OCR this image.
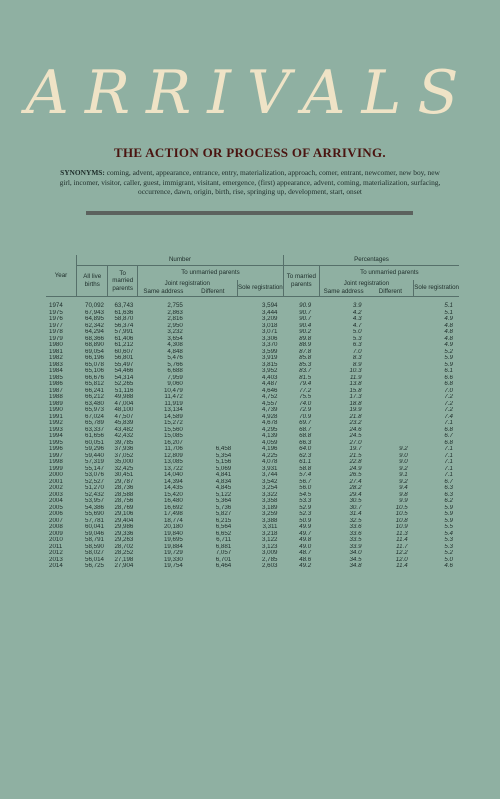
ARRIVALS
THE ACTION OR PROCESS OF ARRIVING.
SYNONYMS: coming, advent, appearance, entrance, entry, materialization, approach, comer, entrant, newcomer, new boy, new girl, incomer, visitor, caller, guest, immigrant, visitant, emergence, (first) appearance, advent, coming, materialization, surfacing, occurrence, dawn, origin, birth, rise, springing up, development, start, onset
Year	Number					Percentages			
	All live births	To married parents	To unmarried parents			To married parents	To unmarried parents		
			Joint registration		Sole registration		Joint registration		Sole registration
			Same address	Different			Same address	Different	
1974	70,092	63,743	2,755		3,594	90.9	3.9		5.1
1975	67,943	61,636	2,863		3,444	90.7	4.2		5.1
1976	64,895	58,870	2,816		3,209	90.7	4.3		4.9
1977	62,342	56,374	2,950		3,018	90.4	4.7		4.8
1978	64,294	57,991	3,232		3,071	90.2	5.0		4.8
1979	68,366	61,406	3,654		3,306	89.8	5.3		4.8
1980	68,890	61,212	4,308		3,370	88.9	6.3		4.9
1981	69,054	60,607	4,848		3,599	87.8	7.0		5.2
1982	66,196	56,801	5,476		3,919	85.8	8.3		5.9
1983	65,078	55,497	5,766		3,815	85.3	8.9		5.9
1984	65,106	54,466	6,688		3,952	83.7	10.3		6.1
1985	66,676	54,314	7,959		4,403	81.5	11.9		6.6
1986	65,812	52,265	9,060		4,487	79.4	13.8		6.8
1987	66,241	51,116	10,479		4,646	77.2	15.8		7.0
1988	66,212	49,988	11,472		4,752	75.5	17.3		7.2
1989	63,480	47,004	11,919		4,557	74.0	18.8		7.2
1990	65,973	48,100	13,134		4,739	72.9	19.9		7.2
1991	67,024	47,507	14,589		4,928	70.9	21.8		7.4
1992	65,789	45,839	15,272		4,678	69.7	23.2		7.1
1993	63,337	43,482	15,560		4,295	68.7	24.6		6.8
1994	61,656	42,432	15,085		4,139	68.8	24.5		6.7
1995	60,051	39,785	16,207		4,059	66.3	27.0		6.8
1996	59,296	37,936	11,706	6,458	4,196	64.0	19.7	9.2	7.1
1997	59,440	37,052	12,809	5,354	4,225	62.3	21.5	9.0	7.1
1998	57,319	35,000	13,085	5,156	4,078	61.1	22.8	9.0	7.1
1999	55,147	32,425	13,722	5,069	3,931	58.8	24.9	9.2	7.1
2000	53,076	30,451	14,040	4,841	3,744	57.4	26.5	9.1	7.1
2001	52,527	29,787	14,394	4,834	3,542	56.7	27.4	9.2	6.7
2002	51,270	28,736	14,435	4,845	3,254	56.0	28.2	9.4	6.3
2003	52,432	28,588	15,420	5,122	3,322	54.5	29.4	9.8	6.3
2004	53,957	28,756	16,480	5,364	3,358	53.3	30.5	9.9	6.2
2005	54,386	28,769	16,692	5,736	3,189	52.9	30.7	10.5	5.9
2006	55,690	29,106	17,498	5,827	3,259	52.3	31.4	10.5	5.9
2007	57,781	29,404	18,774	6,215	3,388	50.9	32.5	10.8	5.9
2008	60,041	29,986	20,180	6,564	3,311	49.9	33.6	10.9	5.5
2009	59,046	29,336	19,840	6,652	3,218	49.7	33.6	11.3	5.4
2010	58,791	29,263	19,695	6,711	3,122	49.8	33.5	11.4	5.3
2011	58,590	28,702	19,884	6,881	3,123	49.0	33.9	11.7	5.3
2012	58,027	28,252	19,729	7,057	3,009	48.7	34.0	12.2	5.2
2013	56,014	27,198	19,330	6,701	2,785	48.6	34.5	12.0	5.0
2014	56,725	27,904	19,754	6,464	2,603	49.2	34.8	11.4	4.6
